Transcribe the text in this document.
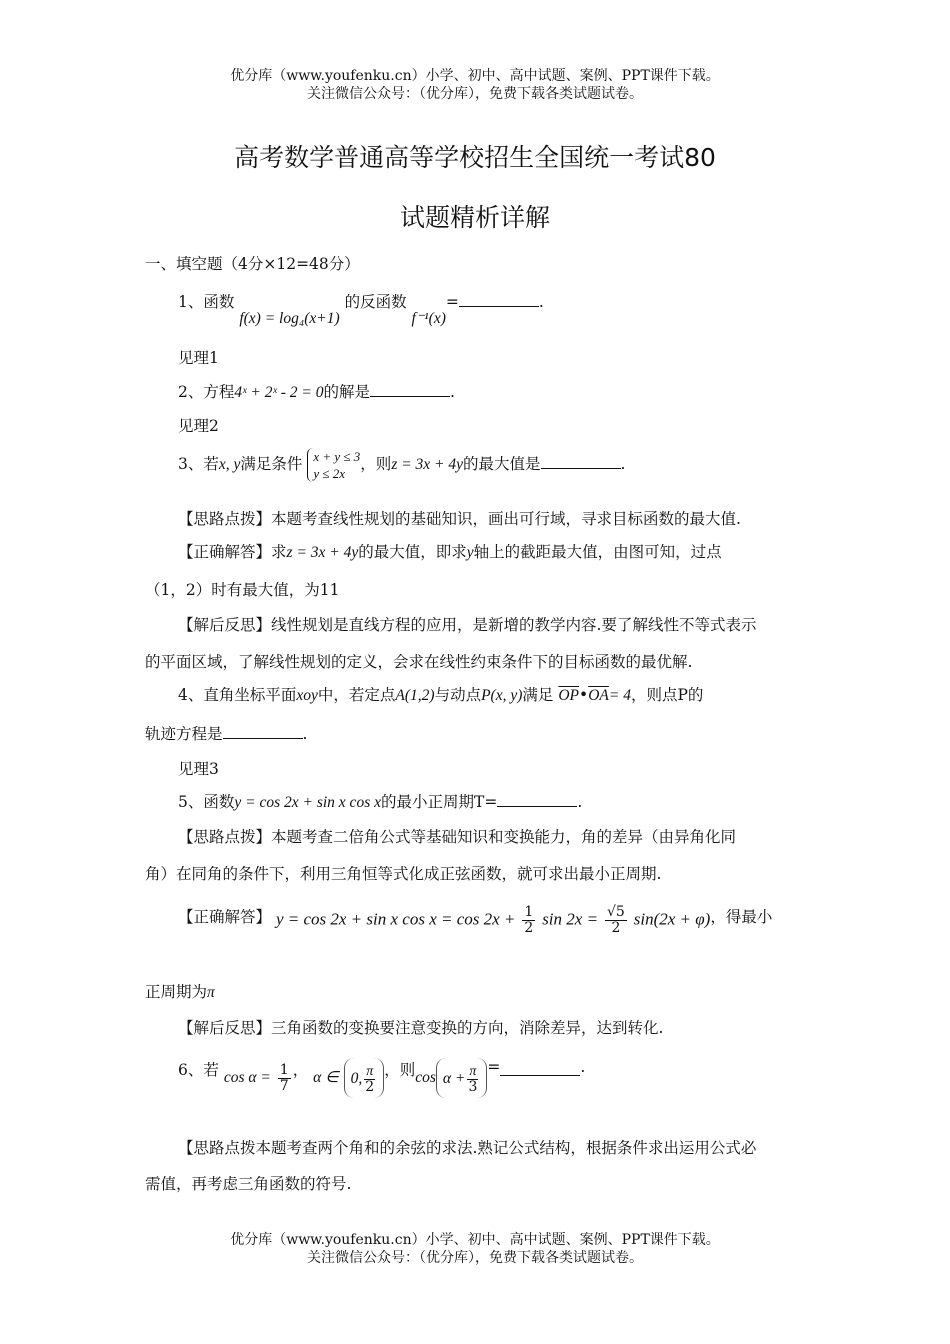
优分库（www.youfenku.cn）小学、初中、高中试题、案例、PPT课件下载。
关注微信公众号：（优分库），免费下载各类试题试卷。
高考数学普通高等学校招生全国统一考试80
试题精析详解
一、填空题（4分×12=48分）
1、函数 f(x) = log₄(x+1) 的反函数 f⁻¹(x)=	.
见理1
2、方程4ˣ + 2ˣ - 2 = 0的解是	.
见理2
3、若x, y满足条件 x + y ≤ 3
y ≤ 2x，则z = 3x + 4y的最大值是	.
【思路点拨】本题考查线性规划的基础知识，画出可行域，寻求目标函数的最大值.
【正确解答】求z = 3x + 4y的最大值，即求y轴上的截距最大值，由图可知，过点
（1，2）时有最大值，为11
【解后反思】线性规划是直线方程的应用，是新增的教学内容.要了解线性不等式表示
的平面区域，了解线性规划的定义，会求在线性约束条件下的目标函数的最优解.
4、直角坐标平面xoy中，若定点A(1,2)与动点P(x, y)满足 $\overline{OP}•\overline{OA}= 4$，则点P的
轨迹方程是	.
见理3
5、函数y = cos 2x + sin x cos x的最小正周期T=	.
【思路点拨】本题考查二倍角公式等基础知识和变换能力，角的差异（由异角化同
角）在同角的条件下，利用三角恒等式化成正弦函数，就可求出最小正周期.
【正确解答】 y = cos 2x + sin x $\cos x = \cos 2x + \frac{1}{2}$ $\sin 2x = \frac{√5}{2} \sin(2x + \varphi)$，得最小
正周期为π
【解后反思】三角函数的变换要注意变换的方向，消除差异，达到转化.
6、若 $\cos \alpha = \frac{1}{7}$ ， α ∈ 0, $\frac{\pi}{2}$ ，则$\cos \alpha + \frac{\pi}{3}$ =	.
【思路点拨本题考查两个角和的余弦的求法.熟记公式结构，根据条件求出运用公式必
需值，再考虑三角函数的符号.
优分库（www.youfenku.cn）小学、初中、高中试题、案例、PPT课件下载。
关注微信公众号：（优分库），免费下载各类试题试卷。
